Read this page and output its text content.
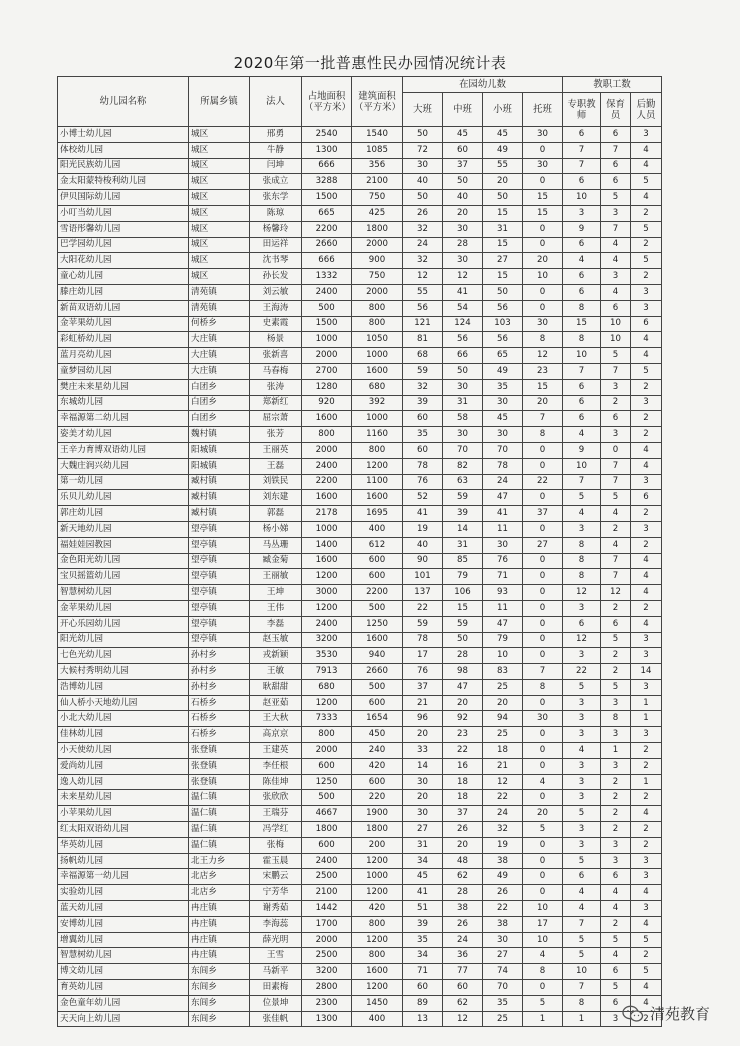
2020年第一批普惠性民办园情况统计表
幼儿园名称	所属乡镇	法人	占地面积（平方米）	建筑面积（平方米）	在园幼儿数				教职工数		
					大班	中班	小班	托班	专职教师	保育员	后勤人员
小博士幼儿园	城区	邢勇	2540	1540	50	45	45	30	6	6	3
体校幼儿园	城区	牛静	1300	1085	72	60	49	0	7	7	4
阳光民族幼儿园	城区	闫坤	666	356	30	37	55	30	7	6	4
金太阳蒙特梭利幼儿园	城区	张成立	3288	2100	40	50	20	0	6	6	5
伊贝国际幼儿园	城区	张东学	1500	750	50	40	50	15	10	5	4
小叮当幼儿园	城区	陈琼	665	425	26	20	15	15	3	3	2
雪语彤馨幼儿园	城区	杨馨玲	2200	1800	32	30	31	0	9	7	5
巴学园幼儿园	城区	田运祥	2660	2000	24	28	15	0	6	4	2
大阳花幼儿园	城区	沈书琴	666	900	32	30	27	20	4	4	5
童心幼儿园	城区	孙长发	1332	750	12	12	15	10	6	3	2
滕庄幼儿园	清苑镇	刘云敏	2400	2000	55	41	50	0	6	4	3
新苗双语幼儿园	清苑镇	王海涛	500	800	56	54	56	0	8	6	3
金苹果幼儿园	何桥乡	史素霞	1500	800	121	124	103	30	15	10	6
彩虹桥幼儿园	大庄镇	杨景	1000	1050	81	56	56	8	8	10	4
蓝月亮幼儿园	大庄镇	张新喜	2000	1000	68	66	65	12	10	5	4
童梦园幼儿园	大庄镇	马春梅	2700	1600	59	50	49	23	7	7	5
樊庄未来星幼儿园	白团乡	张涛	1280	680	32	30	35	15	6	3	2
东城幼儿园	白团乡	郑新红	920	392	39	31	30	20	6	2	3
幸福源第二幼儿园	白团乡	屈宗萧	1600	1000	60	58	45	7	6	6	2
姿美才幼儿园	魏村镇	张芳	800	1160	35	30	30	8	4	3	2
王辛力育博双语幼儿园	阳城镇	王丽英	2000	800	60	70	70	0	9	0	4
大魏庄润兴幼儿园	阳城镇	王磊	2400	1200	78	82	78	0	10	7	4
第一幼儿园	臧村镇	刘铁民	2200	1100	76	63	24	22	7	7	3
乐贝儿幼儿园	臧村镇	刘东建	1600	1600	52	59	47	0	5	5	6
郭庄幼儿园	臧村镇	郭磊	2178	1695	41	39	41	37	4	4	2
新天地幼儿园	望亭镇	杨小娣	1000	400	19	14	11	0	3	2	3
福娃娃园教园	望亭镇	马丛珊	1400	612	40	31	30	27	8	4	2
金色阳光幼儿园	望亭镇	臧金菊	1600	600	90	85	76	0	8	7	4
宝贝摇篮幼儿园	望亭镇	王丽敏	1200	600	101	79	71	0	8	7	4
智慧树幼儿园	望亭镇	王坤	3000	2200	137	106	93	0	12	12	4
金苹果幼儿园	望亭镇	王伟	1200	500	22	15	11	0	3	2	2
开心乐园幼儿园	望亭镇	李磊	2400	1250	59	59	47	0	6	6	4
阳光幼儿园	望亭镇	赵玉敏	3200	1600	78	50	79	0	12	5	3
七色光幼儿园	孙村乡	戎新颖	3530	940	17	28	10	0	3	2	3
大候村秀明幼儿园	孙村乡	王敏	7913	2660	76	98	83	7	22	2	14
浩博幼儿园	孙村乡	耿甜甜	680	500	37	47	25	8	5	5	3
仙人桥小天地幼儿园	石桥乡	赵亚茹	1200	600	21	20	20	0	3	3	1
小北大幼儿园	石桥乡	王大秋	7333	1654	96	92	94	30	3	8	1
佳林幼儿园	石桥乡	高京京	800	450	20	23	25	0	3	3	3
小天使幼儿园	张登镇	王建英	2000	240	33	22	18	0	4	1	2
爱尚幼儿园	张登镇	李任根	600	420	14	16	21	0	3	3	2
逸人幼儿园	张登镇	陈佳坤	1250	600	30	18	12	4	3	2	1
未来星幼儿园	温仁镇	张欣欣	500	220	20	18	22	0	3	2	2
小苹果幼儿园	温仁镇	王瑞芬	4667	1900	30	37	24	20	5	2	4
红太阳双语幼儿园	温仁镇	冯学红	1800	1800	27	26	32	5	3	2	2
华英幼儿园	温仁镇	张梅	600	200	31	20	19	0	3	3	2
扬帆幼儿园	北王力乡	霍玉晨	2400	1200	34	48	38	0	5	3	3
幸福源第一幼儿园	北店乡	宋鹏云	2500	1000	45	62	49	0	6	6	3
实验幼儿园	北店乡	宁芳华	2100	1200	41	28	26	0	4	4	4
蓝天幼儿园	冉庄镇	谢秀茹	1442	420	51	38	22	10	4	4	3
安博幼儿园	冉庄镇	李海蕊	1700	800	39	26	38	17	7	2	4
增翼幼儿园	冉庄镇	薛光明	2000	1200	35	24	30	10	5	5	5
智慧树幼儿园	冉庄镇	王雪	2500	800	34	36	27	4	5	4	2
博文幼儿园	东闾乡	马新平	3200	1600	71	77	74	8	10	6	5
育英幼儿园	东闾乡	田素梅	2800	1200	60	60	70	0	7	5	4
金色童年幼儿园	东闾乡	位景坤	2300	1450	89	62	35	5	8	6	4
天天向上幼儿园	东闾乡	张佳帆	1300	400	13	12	25	1	1	3	2 清苑教育
